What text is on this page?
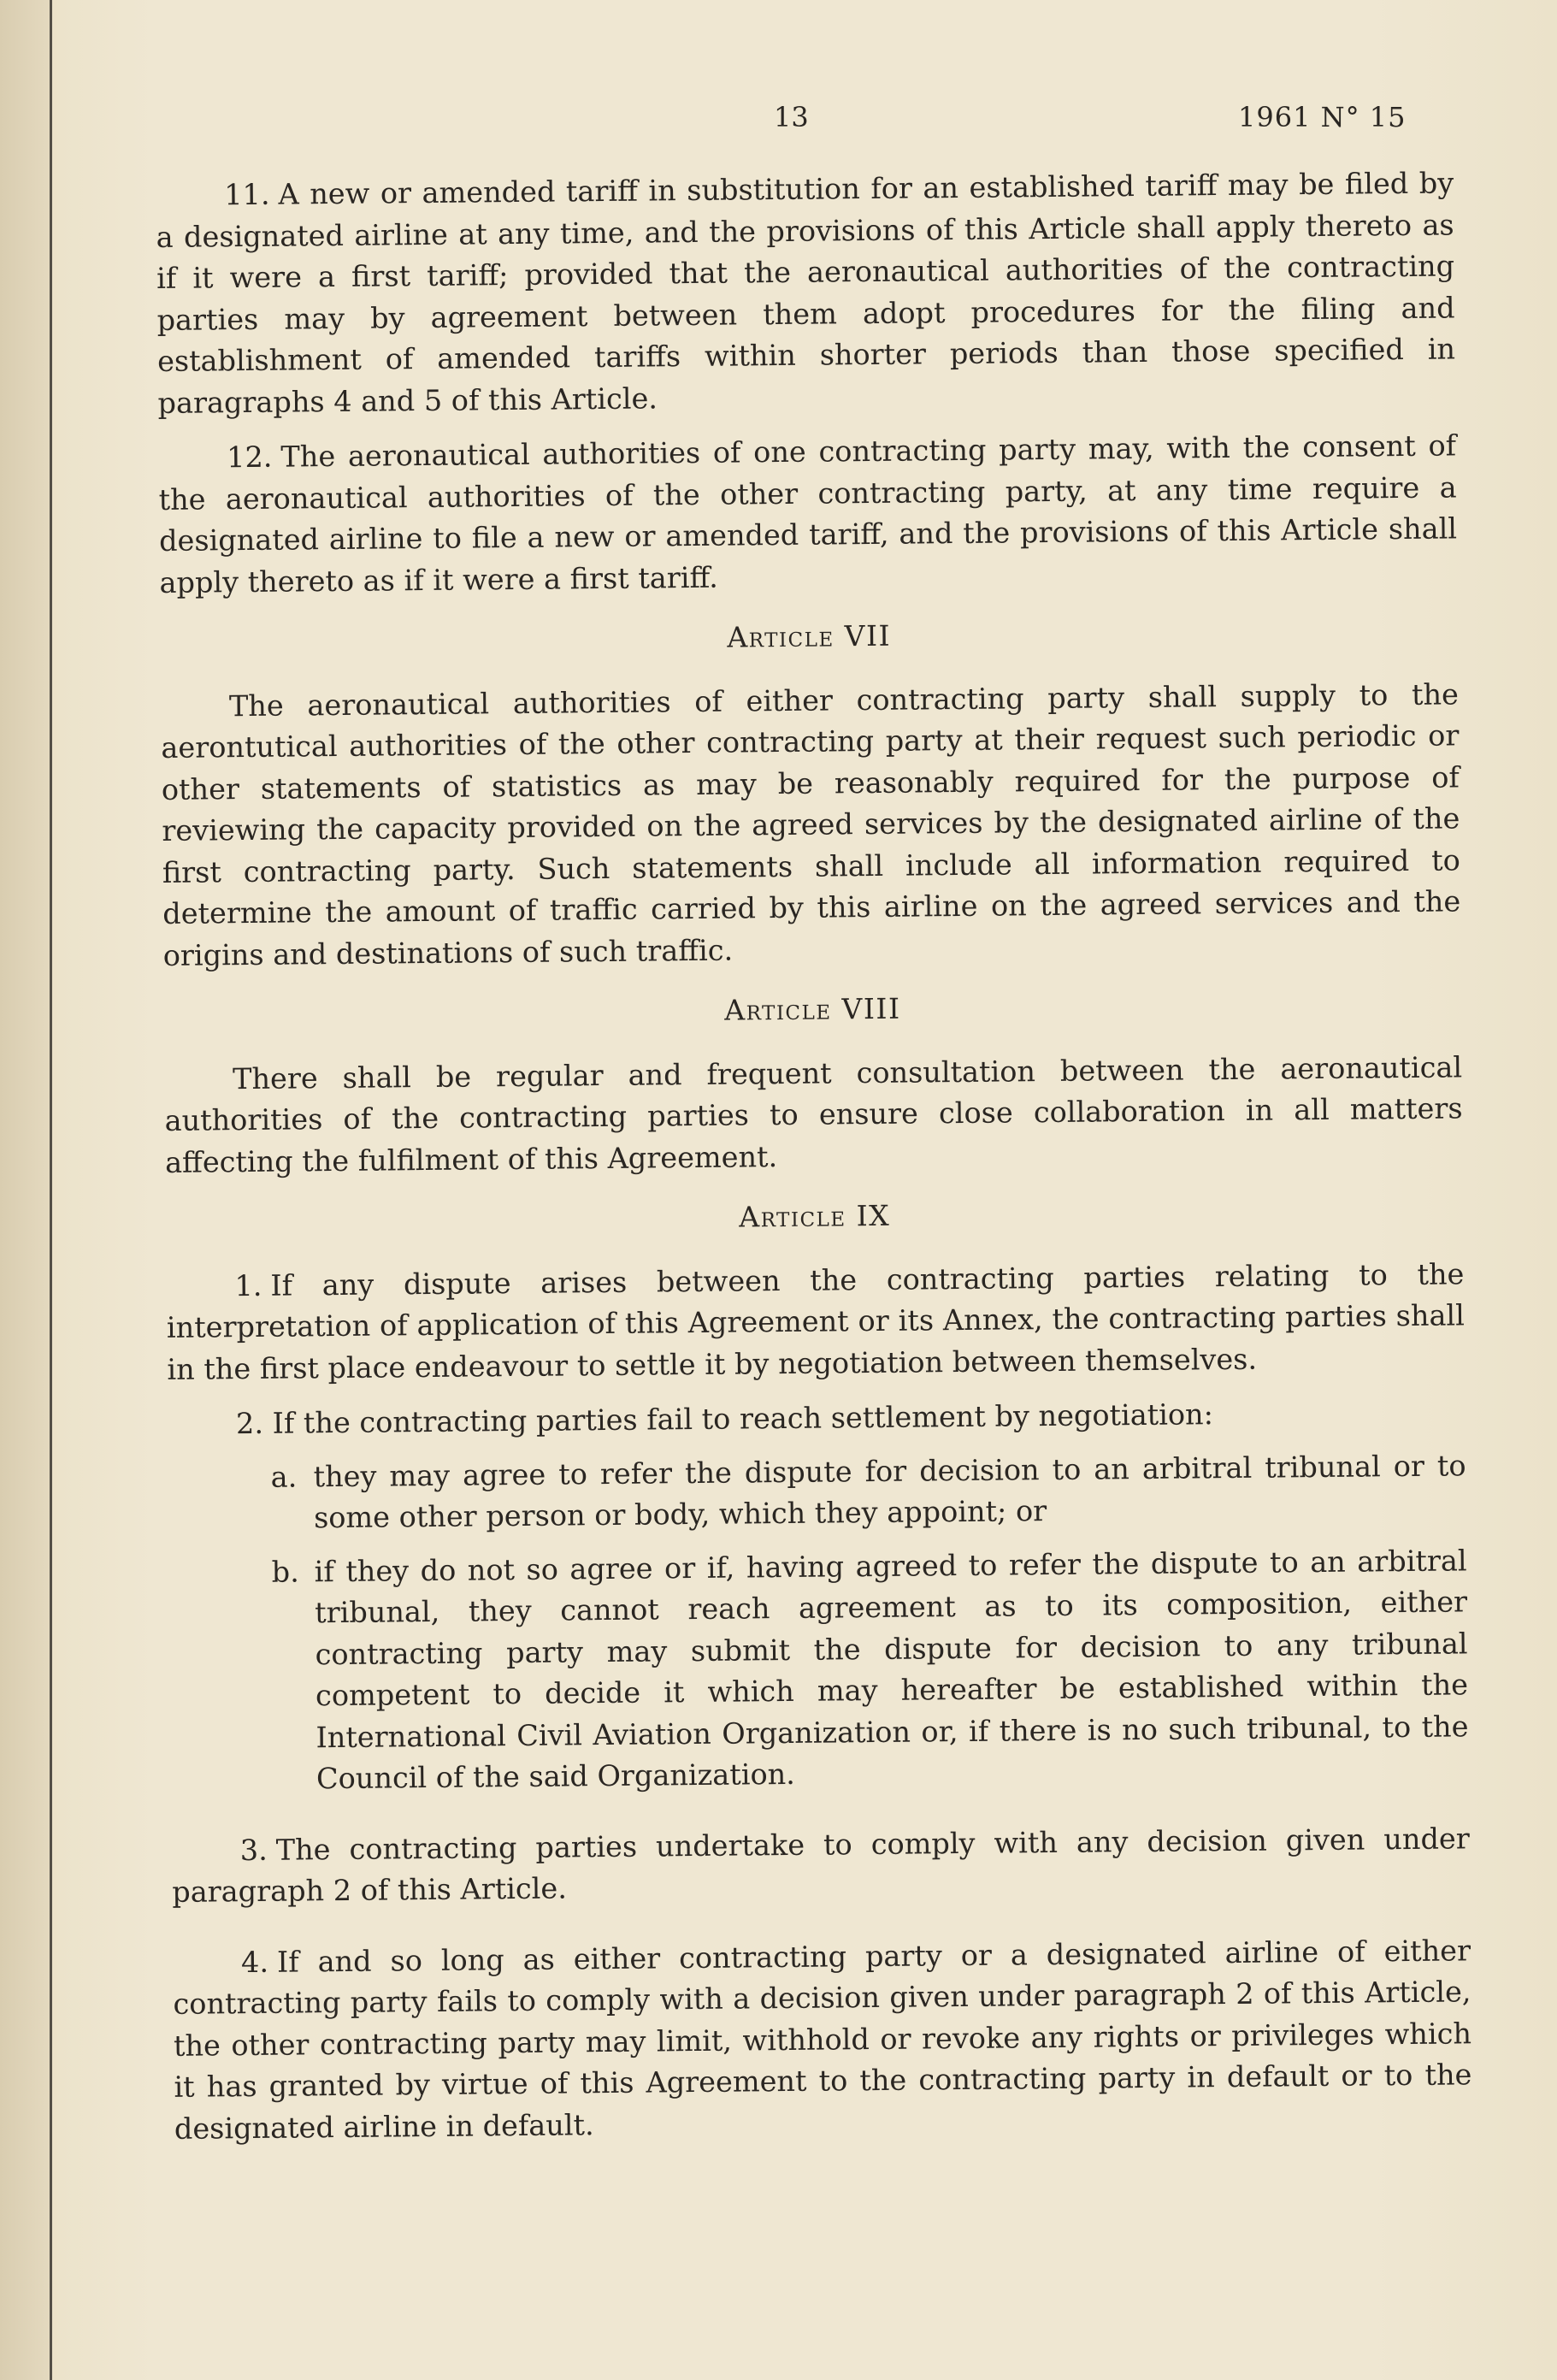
13	1961 N° 15

11. A new or amended tariff in substitution for an established tariff may be filed by a designated airline at any time, and the provisions of this Article shall apply thereto as if it were a first tariff; provided that the aeronautical authorities of the contracting parties may by agreement between them adopt procedures for the filing and establishment of amended tariffs within shorter periods than those specified in paragraphs 4 and 5 of this Article.

12. The aeronautical authorities of one contracting party may, with the consent of the aeronautical authorities of the other contracting party, at any time require a designated airline to file a new or amended tariff, and the provisions of this Article shall apply thereto as if it were a first tariff.

Article VII

The aeronautical authorities of either contracting party shall supply to the aerontutical authorities of the other contracting party at their request such periodic or other statements of statistics as may be reasonably required for the purpose of reviewing the capacity provided on the agreed services by the designated airline of the first contracting party. Such statements shall include all information required to determine the amount of traffic carried by this airline on the agreed services and the origins and destinations of such traffic.

Article VIII

There shall be regular and frequent consultation between the aeronautical authorities of the contracting parties to ensure close collaboration in all matters affecting the fulfilment of this Agreement.

Article IX

1. If any dispute arises between the contracting parties relating to the interpretation of application of this Agreement or its Annex, the contracting parties shall in the first place endeavour to settle it by negotiation between themselves.

2. If the contracting parties fail to reach settlement by negotiation:

a. they may agree to refer the dispute for decision to an arbitral tribunal or to some other person or body, which they appoint; or

b. if they do not so agree or if, having agreed to refer the dispute to an arbitral tribunal, they cannot reach agreement as to its composition, either contracting party may submit the dispute for decision to any tribunal competent to decide it which may hereafter be established within the International Civil Aviation Organization or, if there is no such tribunal, to the Council of the said Organization.

3. The contracting parties undertake to comply with any decision given under paragraph 2 of this Article.

4. If and so long as either contracting party or a designated airline of either contracting party fails to comply with a decision given under paragraph 2 of this Article, the other contracting party may limit, withhold or revoke any rights or privileges which it has granted by virtue of this Agreement to the contracting party in default or to the designated airline in default.
